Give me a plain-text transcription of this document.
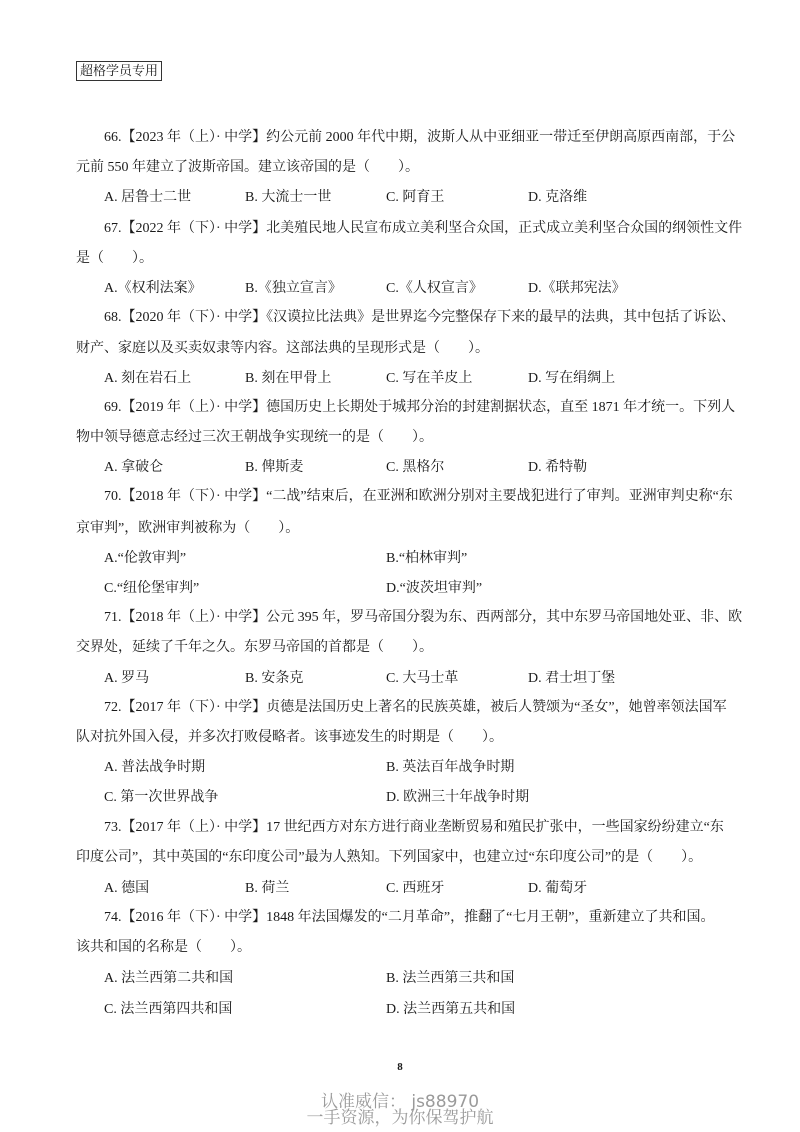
超格学员专用
66.【2023 年（上）· 中学】约公元前 2000 年代中期，波斯人从中亚细亚一带迁至伊朗高原西南部，于公
元前 550 年建立了波斯帝国。建立该帝国的是（　　）。
A. 居鲁士二世	B. 大流士一世	C. 阿育王	D. 克洛维
67.【2022 年（下）· 中学】北美殖民地人民宣布成立美利坚合众国，正式成立美利坚合众国的纲领性文件
是（　　）。
A.《权利法案》	B.《独立宣言》	C.《人权宣言》	D.《联邦宪法》
68.【2020 年（下）· 中学】《汉谟拉比法典》是世界迄今完整保存下来的最早的法典，其中包括了诉讼、
财产、家庭以及买卖奴隶等内容。这部法典的呈现形式是（　　）。
A. 刻在岩石上	B. 刻在甲骨上	C. 写在羊皮上	D. 写在绢绸上
69.【2019 年（上）· 中学】德国历史上长期处于城邦分治的封建割据状态，直至 1871 年才统一。下列人
物中领导德意志经过三次王朝战争实现统一的是（　　）。
A. 拿破仑	B. 俾斯麦	C. 黑格尔	D. 希特勒
70.【2018 年（下）· 中学】“二战”结束后，在亚洲和欧洲分别对主要战犯进行了审判。亚洲审判史称“东
京审判”，欧洲审判被称为（　　）。
A.“伦敦审判”	B.“柏林审判”
C.“纽伦堡审判”	D.“波茨坦审判”
71.【2018 年（上）· 中学】公元 395 年，罗马帝国分裂为东、西两部分，其中东罗马帝国地处亚、非、欧
交界处，延续了千年之久。东罗马帝国的首都是（　　）。
A. 罗马	B. 安条克	C. 大马士革	D. 君士坦丁堡
72.【2017 年（下）· 中学】贞德是法国历史上著名的民族英雄，被后人赞颂为“圣女”，她曾率领法国军
队对抗外国入侵，并多次打败侵略者。该事迹发生的时期是（　　）。
A. 普法战争时期	B. 英法百年战争时期
C. 第一次世界战争	D. 欧洲三十年战争时期
73.【2017 年（上）· 中学】17 世纪西方对东方进行商业垄断贸易和殖民扩张中，一些国家纷纷建立“东
印度公司”，其中英国的“东印度公司”最为人熟知。下列国家中，也建立过“东印度公司”的是（　　）。
A. 德国	B. 荷兰	C. 西班牙	D. 葡萄牙
74.【2016 年（下）· 中学】1848 年法国爆发的“二月革命”，推翻了“七月王朝”，重新建立了共和国。
该共和国的名称是（　　）。
A. 法兰西第二共和国	B. 法兰西第三共和国
C. 法兰西第四共和国	D. 法兰西第五共和国
8
认准威信： js88970
一手资源，为你保驾护航
